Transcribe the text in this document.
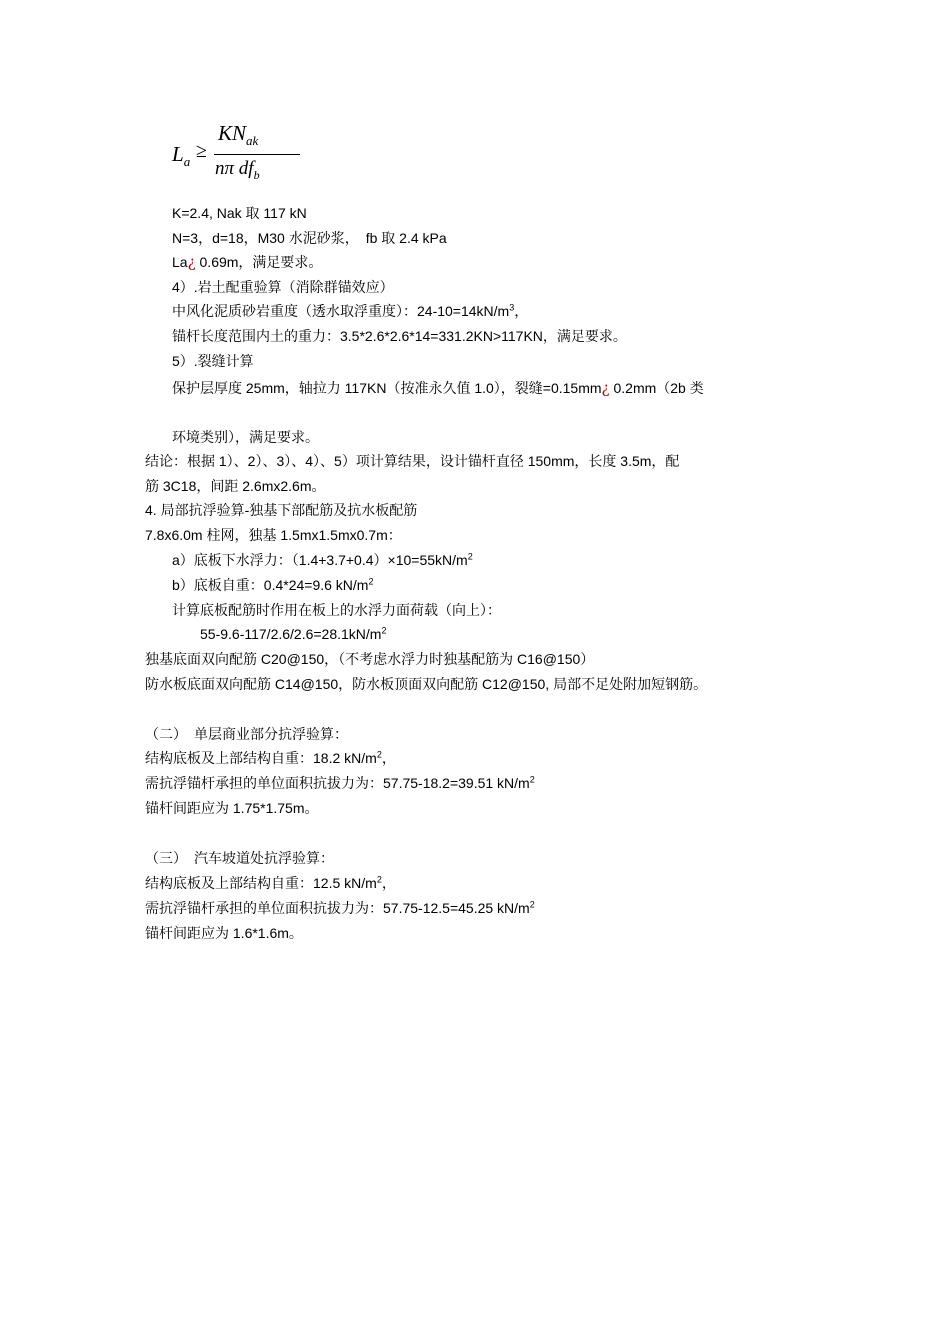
$L_a$ ≥
$KN_{ak}$
nπ $df_b$
K=2.4, Nak 取 117 kN
N=3，d=18，M30 水泥砂浆，　fb 取 2.4 kPa
La¿ 0.69m，满足要求。
4）.岩土配重验算（消除群锚效应）
中风化泥质砂岩重度（透水取浮重度）：$24-10=14kN/m^3$，
锚杆长度范围内土的重力：3.5*2.6*2.6*14=331.2KN>117KN，满足要求。
5）.裂缝计算
保护层厚度 25mm，轴拉力 117KN（按准永久值 1.0），裂缝=0.15mm¿ 0.2mm（2b 类
环境类别），满足要求。
结论：根据 1）、2）、3）、4）、5）项计算结果，设计锚杆直径 150mm，长度 3.5m，配
筋 3C18，间距 2.6mx2.6m。
4. 局部抗浮验算-独基下部配筋及抗水板配筋
7.8x6.0m 柱网，独基 1.5mx1.5mx0.7m：
a）底板下水浮力：$(1.4+3.7+0.4)\times 10=55kN/m^2$
b）底板自重：0.4*24=9.6 $kN/m^2$
计算底板配筋时作用在板上的水浮力面荷载（向上）：
$55-9.6-117/2.6/2.6=28.1kN/m^2$
独基底面双向配筋 C20@150，（不考虑水浮力时独基配筋为 C16@150）
防水板底面双向配筋 C14@150，防水板顶面双向配筋 C12@150, 局部不足处附加短钢筋。
（二）　单层商业部分抗浮验算：
结构底板及上部结构自重：18.2 $kN/m^2$，
需抗浮锚杆承担的单位面积抗拔力为：57.75-18.2=39.51 $kN/m^2$
锚杆间距应为 1.75*1.75m。
（三）　汽车坡道处抗浮验算：
结构底板及上部结构自重：12.5 $kN/m^2$，
需抗浮锚杆承担的单位面积抗拔力为：57.75-12.5=45.25 $kN/m^2$
锚杆间距应为 1.6*1.6m。
